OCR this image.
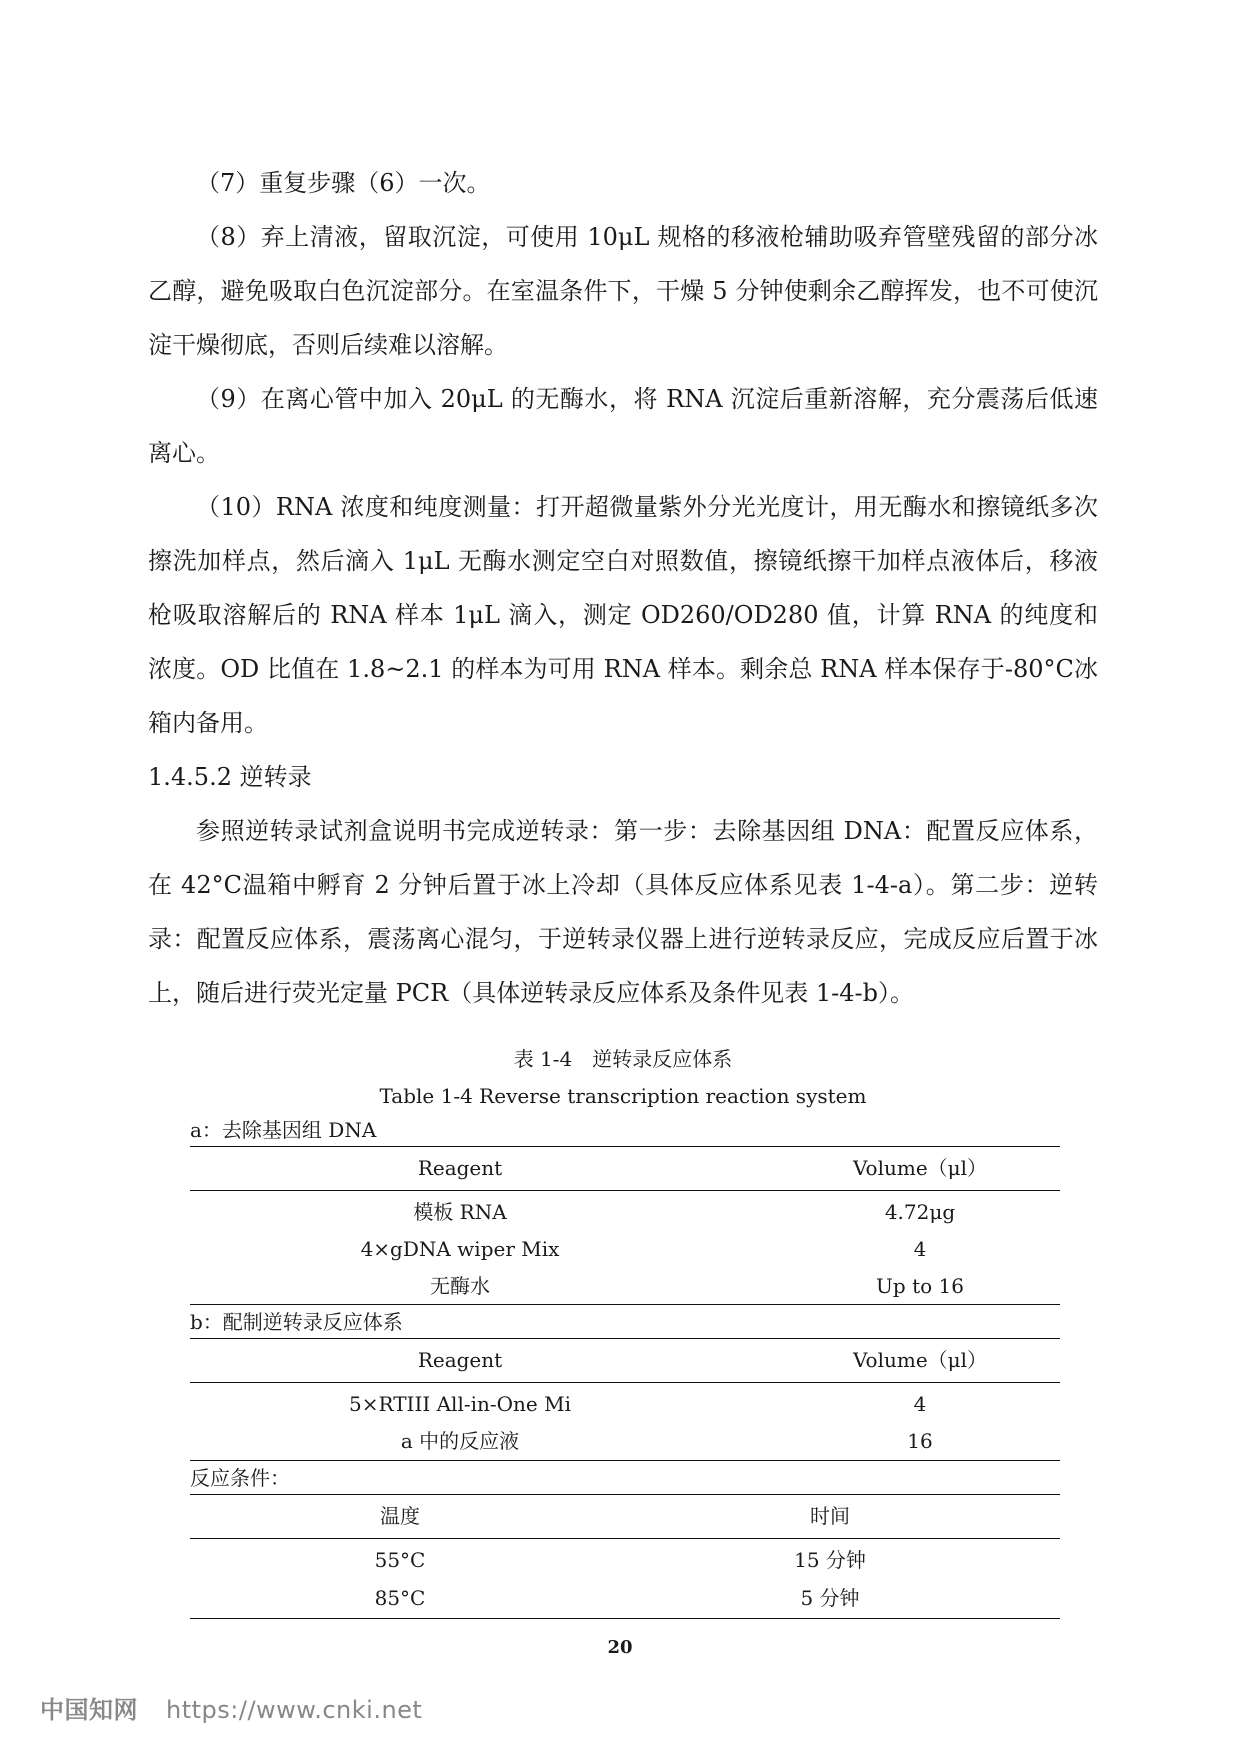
（7）重复步骤（6）一次。

（8）弃上清液，留取沉淀，可使用 10μL 规格的移液枪辅助吸弃管壁残留的部分冰乙醇，避免吸取白色沉淀部分。在室温条件下，干燥 5 分钟使剩余乙醇挥发，也不可使沉淀干燥彻底，否则后续难以溶解。

（9）在离心管中加入 20μL 的无酶水，将 RNA 沉淀后重新溶解，充分震荡后低速离心。

（10）RNA 浓度和纯度测量：打开超微量紫外分光光度计，用无酶水和擦镜纸多次擦洗加样点，然后滴入 1μL 无酶水测定空白对照数值，擦镜纸擦干加样点液体后，移液枪吸取溶解后的 RNA 样本 1μL 滴入，测定 OD260/OD280 值，计算 RNA 的纯度和浓度。OD 比值在 1.8~2.1 的样本为可用 RNA 样本。剩余总 RNA 样本保存于-80°C冰箱内备用。

1.4.5.2 逆转录

参照逆转录试剂盒说明书完成逆转录：第一步：去除基因组 DNA：配置反应体系，在 42°C温箱中孵育 2 分钟后置于冰上冷却（具体反应体系见表 1-4-a）。第二步：逆转录：配置反应体系，震荡离心混匀，于逆转录仪器上进行逆转录反应，完成反应后置于冰上，随后进行荧光定量 PCR（具体逆转录反应体系及条件见表 1-4-b）。

表 1-4　逆转录反应体系
Table 1-4 Reverse transcription reaction system
a：去除基因组 DNA
Reagent	Volume（μl）
模板 RNA	4.72μg
4×gDNA wiper Mix	4
无酶水	Up to 16
b：配制逆转录反应体系
Reagent	Volume（μl）
5×RTIII All-in-One Mi	4
a 中的反应液	16
反应条件：
温度	时间
55°C	15 分钟
85°C	5 分钟
20
中国知网 https://www.cnki.net
